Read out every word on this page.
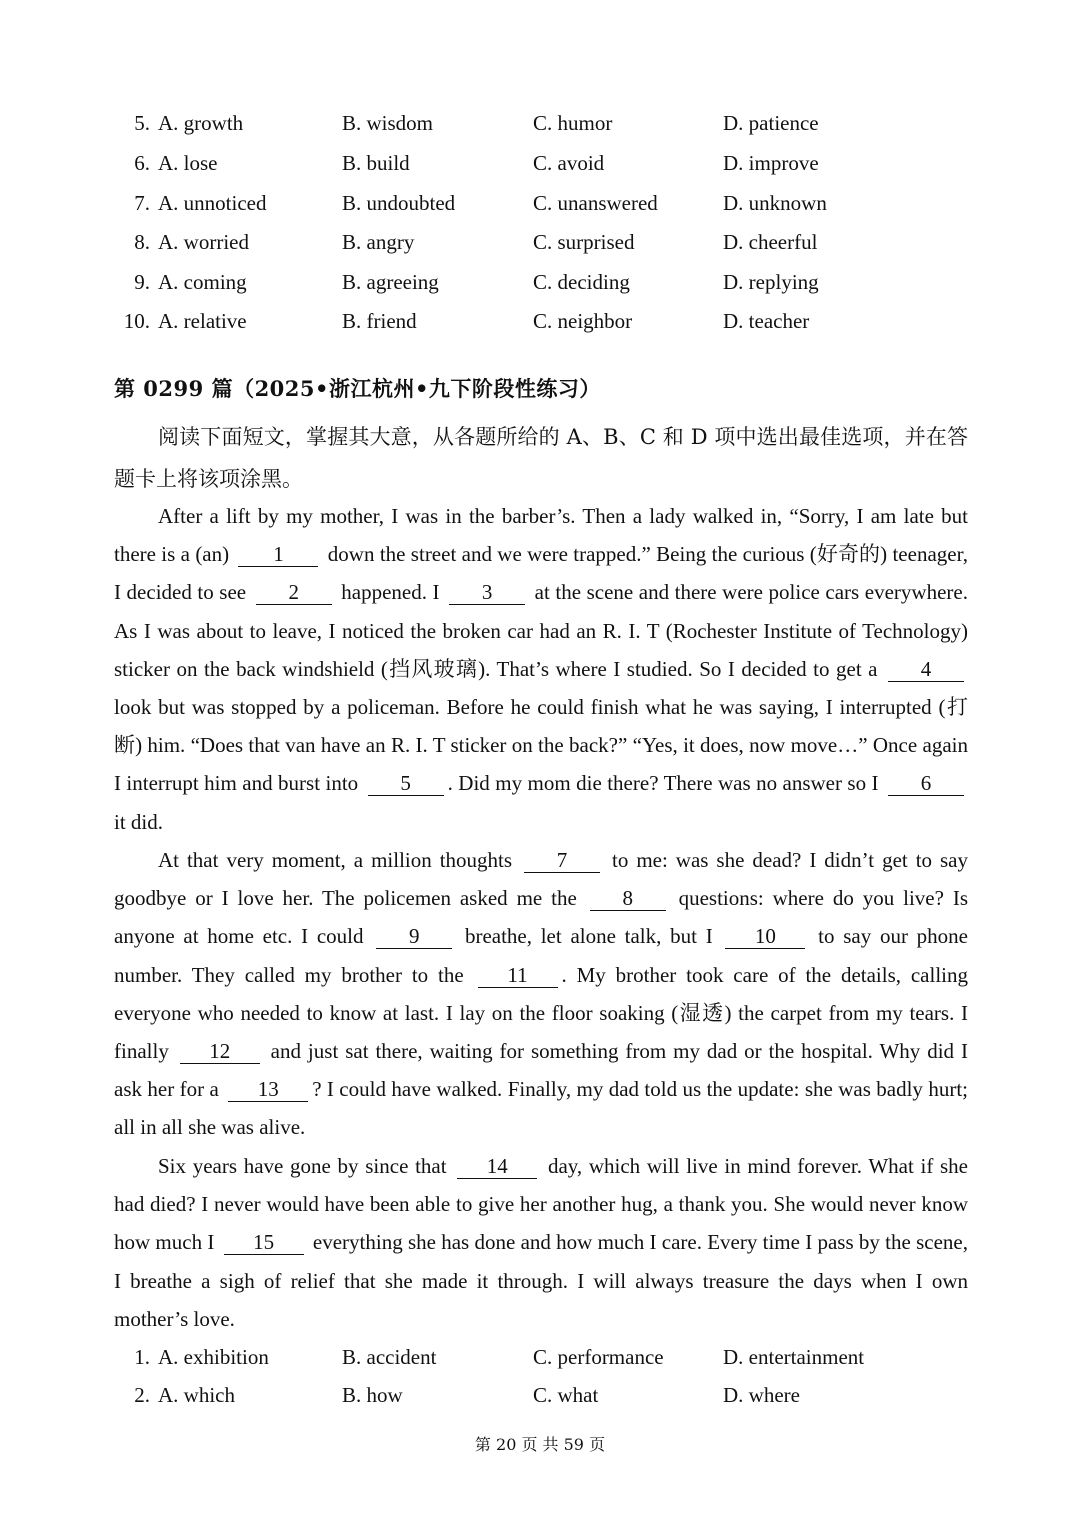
5. A. growth	B. wisdom	C. humor	D. patience
6. A. lose	B. build	C. avoid	D. improve
7. A. unnoticed	B. undoubted	C. unanswered	D. unknown
8. A. worried	B. angry	C. surprised	D. cheerful
9. A. coming	B. agreeing	C. deciding	D. replying
10. A. relative	B. friend	C. neighbor	D. teacher
第 0299 篇（2025•浙江杭州•九下阶段性练习）
阅读下面短文，掌握其大意，从各题所给的 A、B、C 和 D 项中选出最佳选项，并在答题卡上将该项涂黑。
After a lift by my mother, I was in the barber’s. Then a lady walked in, “Sorry, I am late but there is a (an) 1 down the street and we were trapped.” Being the curious (好奇的) teenager, I decided to see 2 happened. I 3 at the scene and there were police cars everywhere. As I was about to leave, I noticed the broken car had an R. I. T (Rochester Institute of Technology) sticker on the back windshield (挡风玻璃). That’s where I studied. So I decided to get a 4 look but was stopped by a policeman. Before he could finish what he was saying, I interrupted (打断) him. “Does that van have an R. I. T sticker on the back?” “Yes, it does, now move…” Once again I interrupt him and burst into 5 . Did my mom die there? There was no answer so I 6 it did.
At that very moment, a million thoughts 7 to me: was she dead? I didn’t get to say goodbye or I love her. The policemen asked me the 8 questions: where do you live? Is anyone at home etc. I could 9 breathe, let alone talk, but I 10 to say our phone number. They called my brother to the 11 . My brother took care of the details, calling everyone who needed to know at last. I lay on the floor soaking (湿透) the carpet from my tears. I finally 12 and just sat there, waiting for something from my dad or the hospital. Why did I ask her for a 13 ? I could have walked. Finally, my dad told us the update: she was badly hurt; all in all she was alive.
Six years have gone by since that 14 day, which will live in mind forever. What if she had died? I never would have been able to give her another hug, a thank you. She would never know how much I 15 everything she has done and how much I care. Every time I pass by the scene, I breathe a sigh of relief that she made it through. I will always treasure the days when I own mother’s love.
1. A. exhibition	B. accident	C. performance	D. entertainment
2. A. which	B. how	C. what	D. where
第 20 页 共 59 页
